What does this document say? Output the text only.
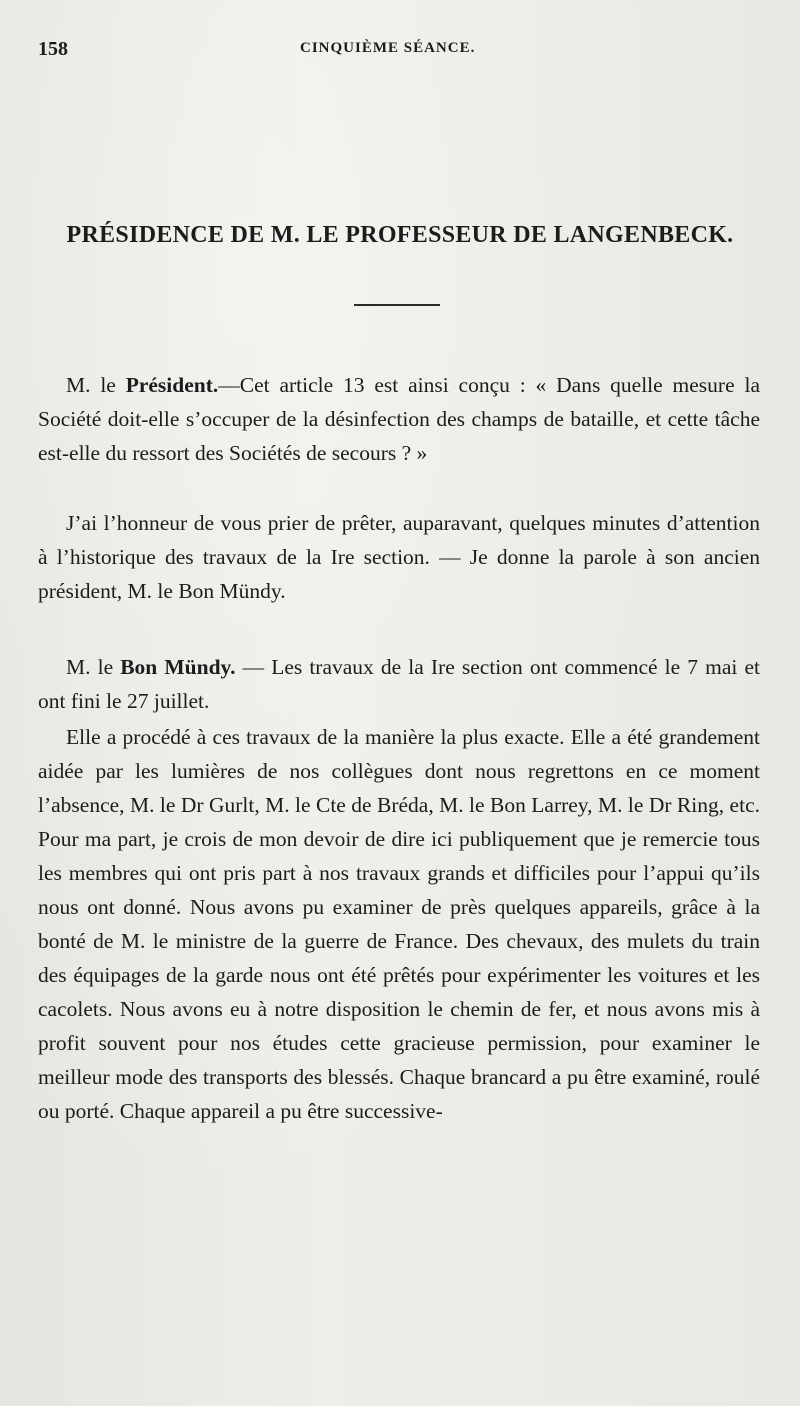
158	CINQUIÈME SÉANCE.
PRÉSIDENCE DE M. LE PROFESSEUR DE LANGENBECK.

M. le Président.—Cet article 13 est ainsi conçu : « Dans quelle mesure la Société doit-elle s’occuper de la désinfection des champs de bataille, et cette tâche est-elle du ressort des Sociétés de secours ? »

J’ai l’honneur de vous prier de prêter, auparavant, quelques minutes d’attention à l’historique des travaux de la Ire section. — Je donne la parole à son ancien président, M. le Bon Mündy.

M. le Bon Mündy. — Les travaux de la Ire section ont commencé le 7 mai et ont fini le 27 juillet.

Elle a procédé à ces travaux de la manière la plus exacte. Elle a été grandement aidée par les lumières de nos collègues dont nous regrettons en ce moment l’absence, M. le Dr Gurlt, M. le Cte de Bréda, M. le Bon Larrey, M. le Dr Ring, etc. Pour ma part, je crois de mon devoir de dire ici publiquement que je remercie tous les membres qui ont pris part à nos travaux grands et difficiles pour l’appui qu’ils nous ont donné. Nous avons pu examiner de près quelques appareils, grâce à la bonté de M. le ministre de la guerre de France. Des chevaux, des mulets du train des équipages de la garde nous ont été prêtés pour expérimenter les voitures et les cacolets. Nous avons eu à notre disposition le chemin de fer, et nous avons mis à profit souvent pour nos études cette gracieuse permission, pour examiner le meilleur mode des transports des blessés. Chaque brancard a pu être examiné, roulé ou porté. Chaque appareil a pu être successive-
